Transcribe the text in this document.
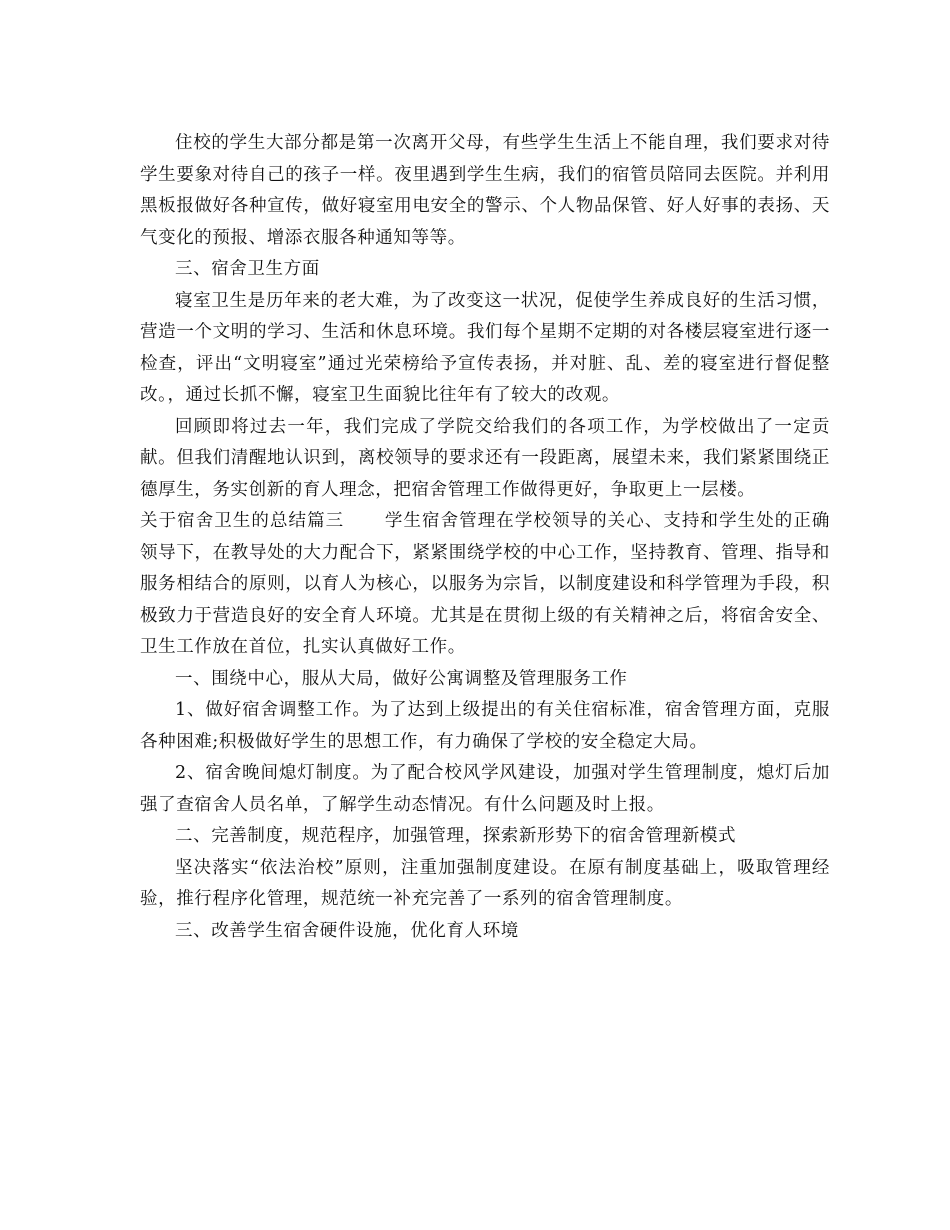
住校的学生大部分都是第一次离开父母，有些学生生活上不能自理，我们要求对待学生要象对待自己的孩子一样。夜里遇到学生生病，我们的宿管员陪同去医院。并利用黑板报做好各种宣传，做好寝室用电安全的警示、个人物品保管、好人好事的表扬、天气变化的预报、增添衣服各种通知等等。

三、宿舍卫生方面

寝室卫生是历年来的老大难，为了改变这一状况，促使学生养成良好的生活习惯，营造一个文明的学习、生活和休息环境。我们每个星期不定期的对各楼层寝室进行逐一检查，评出“文明寝室”通过光荣榜给予宣传表扬，并对脏、乱、差的寝室进行督促整改。，通过长抓不懈，寝室卫生面貌比往年有了较大的改观。

回顾即将过去一年，我们完成了学院交给我们的各项工作，为学校做出了一定贡献。但我们清醒地认识到，离校领导的要求还有一段距离，展望未来，我们紧紧围绕正德厚生，务实创新的育人理念，把宿舍管理工作做得更好，争取更上一层楼。

关于宿舍卫生的总结篇三 学生宿舍管理在学校领导的关心、支持和学生处的正确领导下，在教导处的大力配合下，紧紧围绕学校的中心工作，坚持教育、管理、指导和服务相结合的原则，以育人为核心，以服务为宗旨，以制度建设和科学管理为手段，积极致力于营造良好的安全育人环境。尤其是在贯彻上级的有关精神之后，将宿舍安全、卫生工作放在首位，扎实认真做好工作。

一、围绕中心，服从大局，做好公寓调整及管理服务工作

1、做好宿舍调整工作。为了达到上级提出的有关住宿标准，宿舍管理方面，克服各种困难;积极做好学生的思想工作，有力确保了学校的安全稳定大局。

2、宿舍晚间熄灯制度。为了配合校风学风建设，加强对学生管理制度，熄灯后加强了查宿舍人员名单，了解学生动态情况。有什么问题及时上报。

二、完善制度，规范程序，加强管理，探索新形势下的宿舍管理新模式

坚决落实“依法治校”原则，注重加强制度建设。在原有制度基础上，吸取管理经验，推行程序化管理，规范统一补充完善了一系列的宿舍管理制度。

三、改善学生宿舍硬件设施，优化育人环境
